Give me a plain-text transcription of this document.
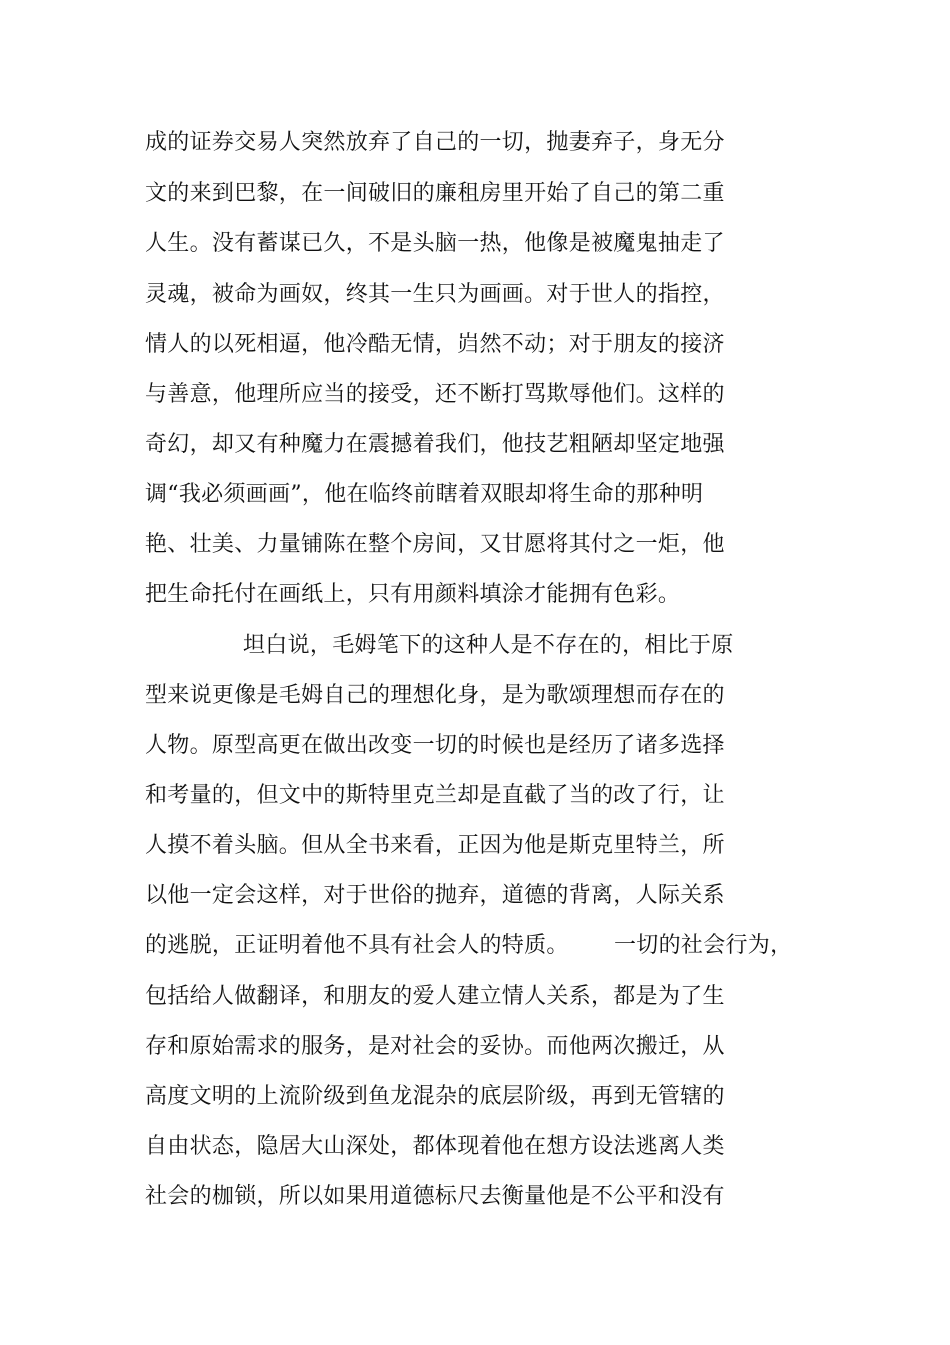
成的证券交易人突然放弃了自己的一切，抛妻弃子，身无分
文的来到巴黎，在一间破旧的廉租房里开始了自己的第二重
人生。没有蓄谋已久，不是头脑一热，他像是被魔鬼抽走了
灵魂，被命为画奴，终其一生只为画画。对于世人的指控，
情人的以死相逼，他冷酷无情，岿然不动；对于朋友的接济
与善意，他理所应当的接受，还不断打骂欺辱他们。这样的
奇幻，却又有种魔力在震撼着我们，他技艺粗陋却坚定地强
调“我必须画画”，他在临终前瞎着双眼却将生命的那种明
艳、壮美、力量铺陈在整个房间，又甘愿将其付之一炬，他
把生命托付在画纸上，只有用颜料填涂才能拥有色彩。
坦白说，毛姆笔下的这种人是不存在的，相比于原
型来说更像是毛姆自己的理想化身，是为歌颂理想而存在的
人物。原型高更在做出改变一切的时候也是经历了诸多选择
和考量的，但文中的斯特里克兰却是直截了当的改了行，让
人摸不着头脑。但从全书来看，正因为他是斯克里特兰，所
以他一定会这样，对于世俗的抛弃，道德的背离，人际关系
的逃脱，正证明着他不具有社会人的特质。 一切的社会行为，
包括给人做翻译，和朋友的爱人建立情人关系，都是为了生
存和原始需求的服务，是对社会的妥协。而他两次搬迁，从
高度文明的上流阶级到鱼龙混杂的底层阶级，再到无管辖的
自由状态，隐居大山深处，都体现着他在想方设法逃离人类
社会的枷锁，所以如果用道德标尺去衡量他是不公平和没有
